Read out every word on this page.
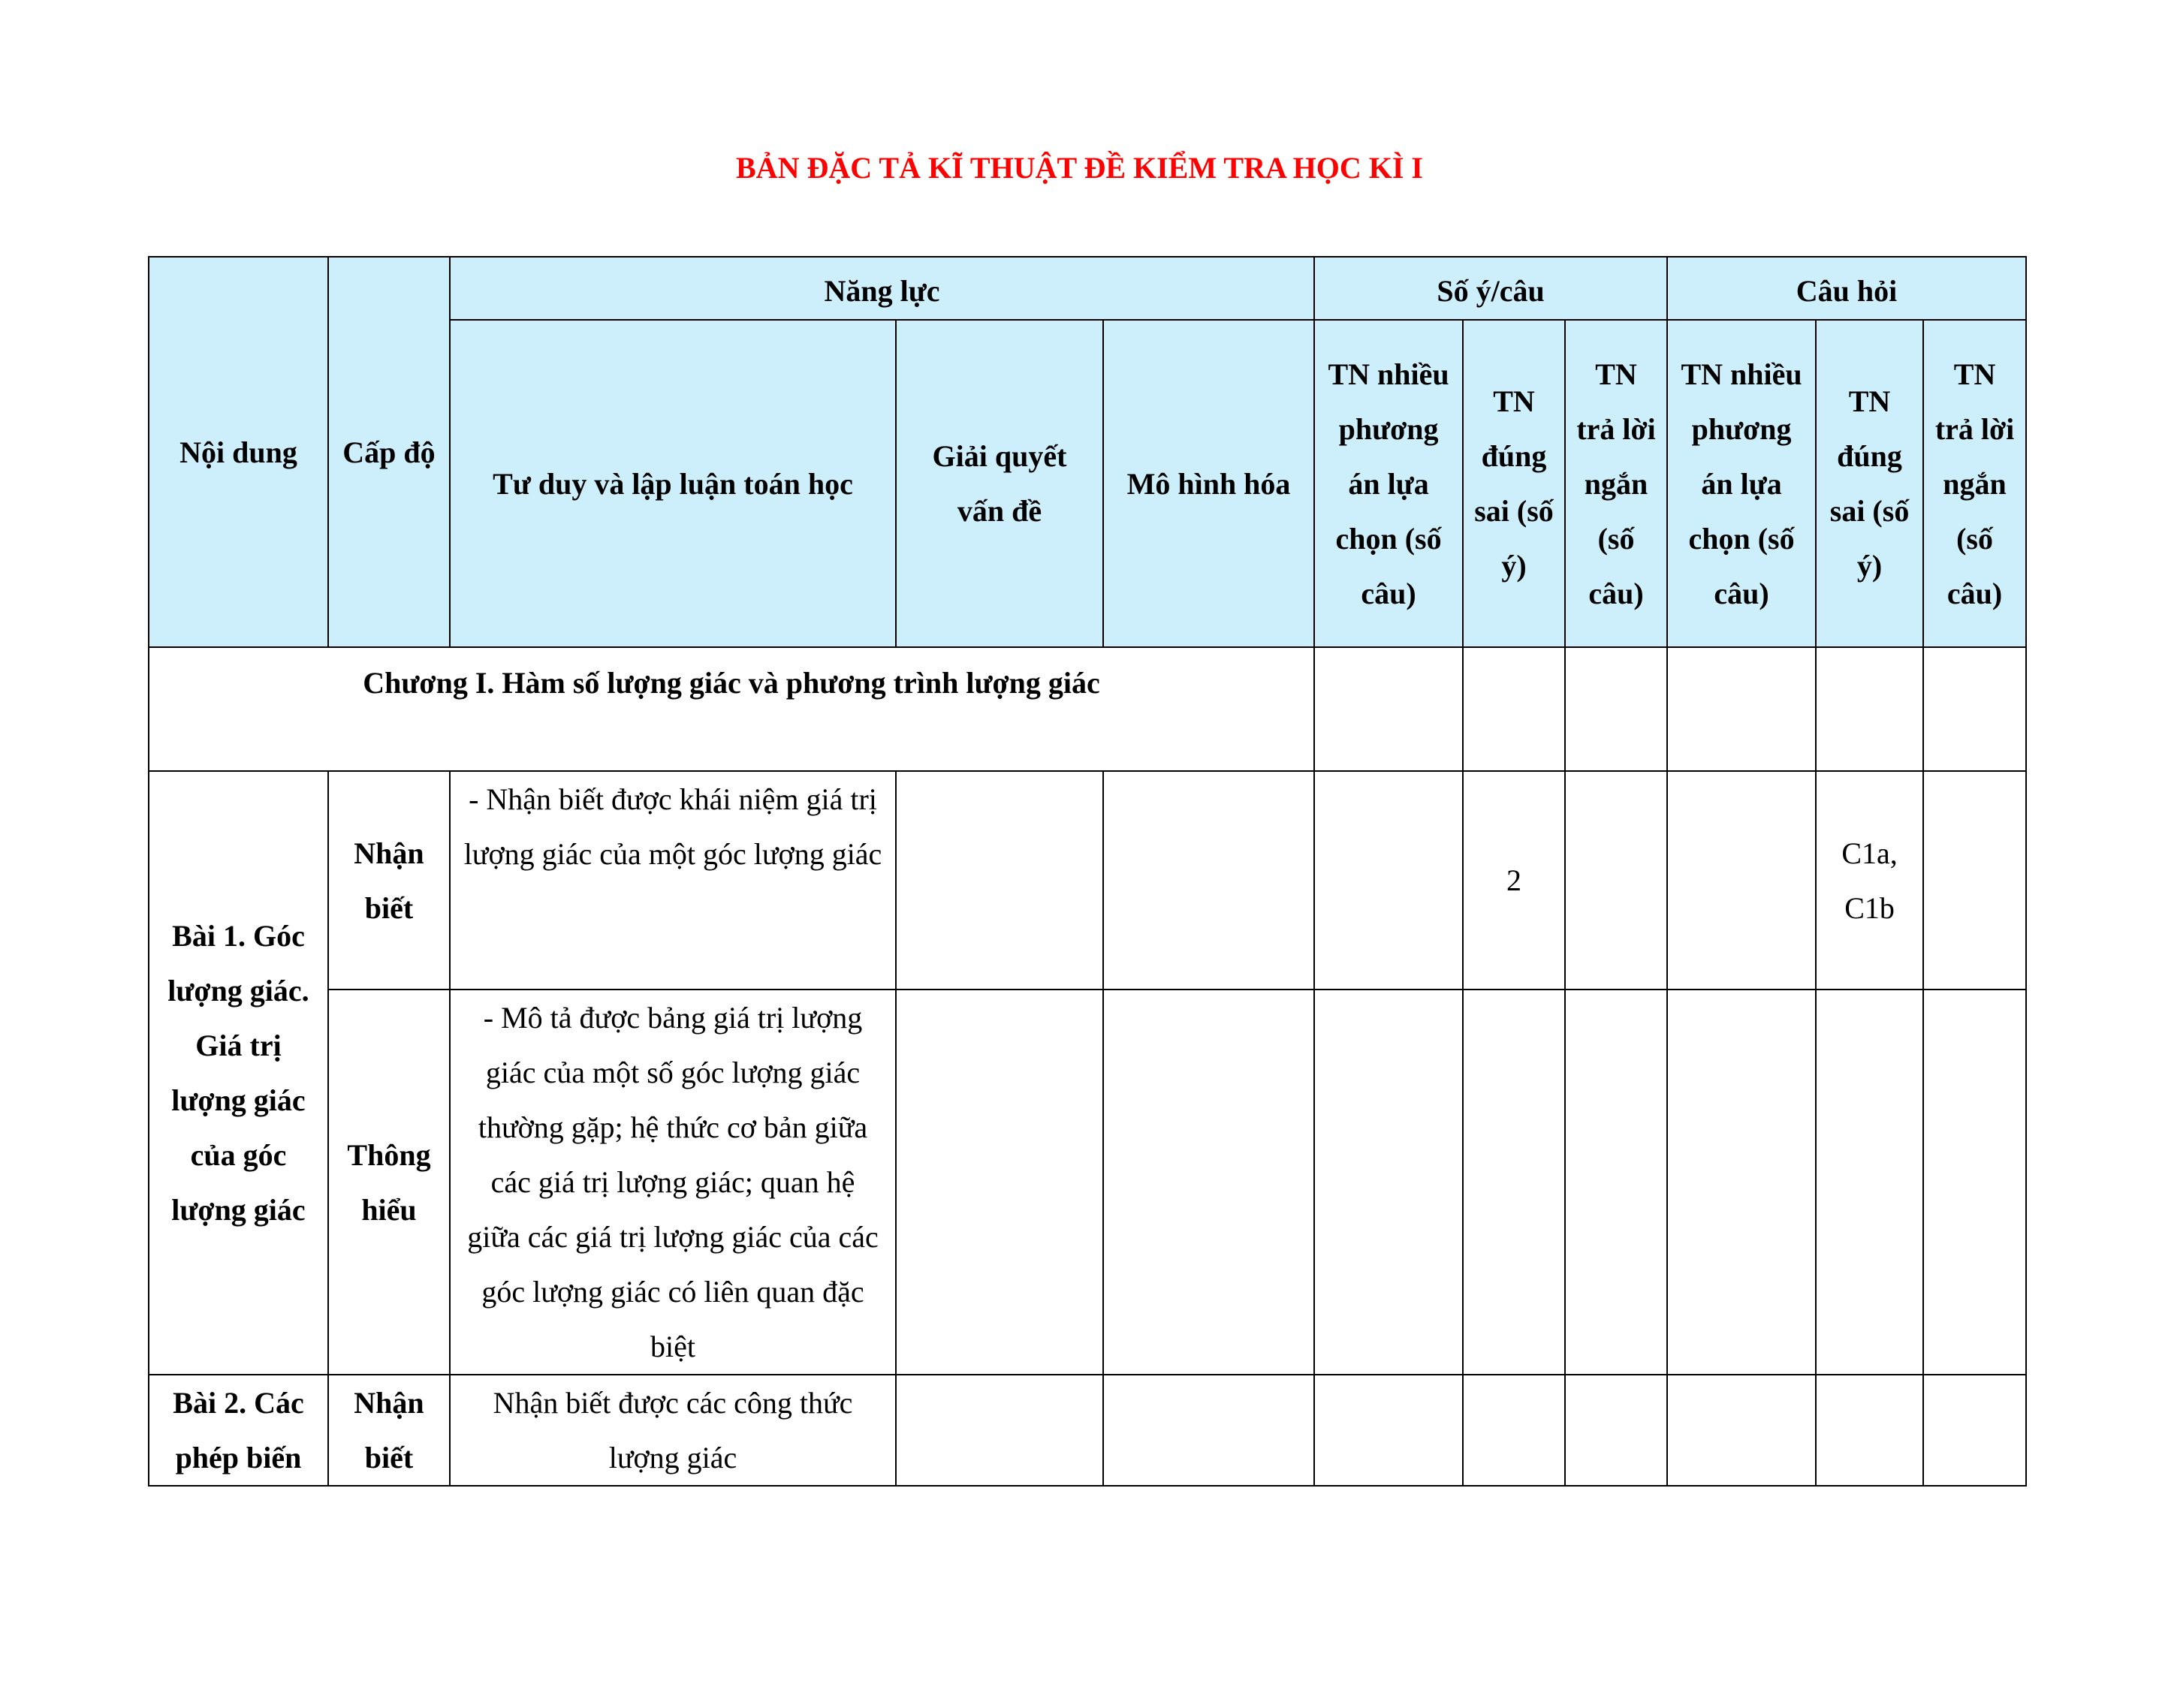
BẢN ĐẶC TẢ KĨ THUẬT ĐỀ KIỂM TRA HỌC KÌ I
Nội dung	Cấp độ	Năng lực			Số ý/câu			Câu hỏi		
		Tư duy và lập luận toán học	Giải quyết vấn đề	Mô hình hóa	TN nhiều phương án lựa chọn (số câu)	TN đúng sai (số ý)	TN trả lời ngắn (số câu)	TN nhiều phương án lựa chọn (số câu)	TN đúng sai (số ý)	TN trả lời ngắn (số câu)
Chương I. Hàm số lượng giác và phương trình lượng giác										
Bài 1. Góc lượng giác. Giá trị lượng giác của góc lượng giác	Nhận biết	- Nhận biết được khái niệm giá trị lượng giác của một góc lượng giác				2			C1a, C1b	
	Thông hiểu	- Mô tả được bảng giá trị lượng giác của một số góc lượng giác thường gặp; hệ thức cơ bản giữa các giá trị lượng giác; quan hệ giữa các giá trị lượng giác của các góc lượng giác có liên quan đặc biệt								
Bài 2. Các phép biến	Nhận biết	Nhận biết được các công thức lượng giác								
